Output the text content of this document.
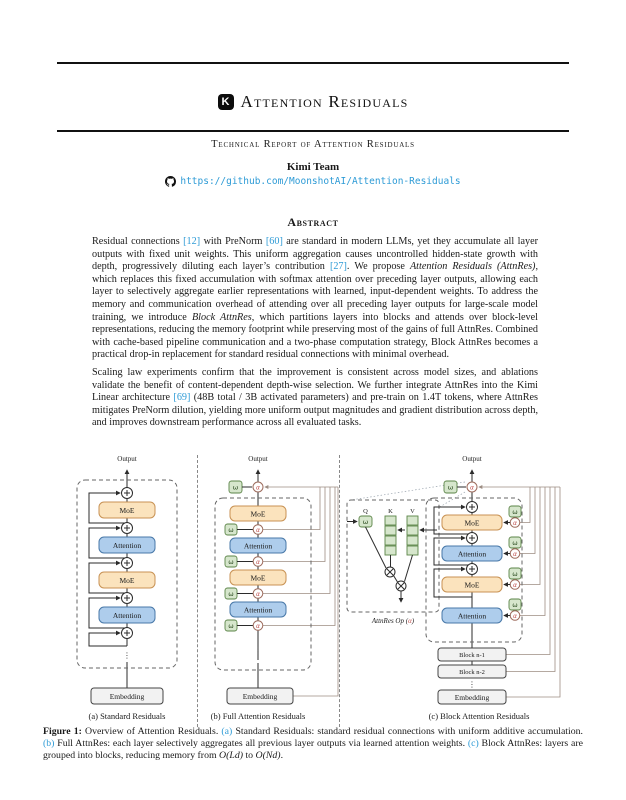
K Attention Residuals
Technical Report of Attention Residuals
Kimi Team
https://github.com/MoonshotAI/Attention-Residuals
Abstract

Residual connections [12] with PreNorm [60] are standard in modern LLMs, yet they accumulate all layer outputs with fixed unit weights. This uniform aggregation causes uncontrolled hidden-state growth with depth, progressively diluting each layer’s contribution [27]. We propose Attention Residuals (AttnRes), which replaces this fixed accumulation with softmax attention over preceding layer outputs, allowing each layer to selectively aggregate earlier representations with learned, input-dependent weights. To address the memory and communication overhead of attending over all preceding layer outputs for large-scale model training, we introduce Block AttnRes, which partitions layers into blocks and attends over block-level representations, reducing the memory footprint while preserving most of the gains of full AttnRes. Combined with cache-based pipeline communication and a two-phase computation strategy, Block AttnRes becomes a practical drop-in replacement for standard residual connections with minimal overhead.

Scaling law experiments confirm that the improvement is consistent across model sizes, and ablations validate the benefit of content-dependent depth-wise selection. We further integrate AttnRes into the Kimi Linear architecture [69] (48B total / 3B activated parameters) and pre-train on 1.4T tokens, where AttnRes mitigates PreNorm dilution, yielding more uniform output magnitudes and gradient distribution across depth, and improves downstream performance across all evaluated tasks.

Output
MoE
Attention
MoE
Attention
⋮
Embedding
(a) Standard Residuals
Output
ω	α
MoE
ω	α
Attention
ω	α
MoE
ω	α
Attention
ω	α
⋮
Embedding
(b) Full Attention Residuals
Output
Q	K	V
ω
AttnRes Op (α)
ω	α
MoE
ω
α
Attention
ω
α
MoE
ω
α
Attention
ω
α
Block n-1
Block n-2
⋮
Embedding
(c) Block Attention Residuals
Figure 1: Overview of Attention Residuals. (a) Standard Residuals: standard residual connections with uniform additive accumulation. (b) Full AttnRes: each layer selectively aggregates all previous layer outputs via learned attention weights. (c) Block AttnRes: layers are grouped into blocks, reducing memory from O(Ld) to O(Nd).
